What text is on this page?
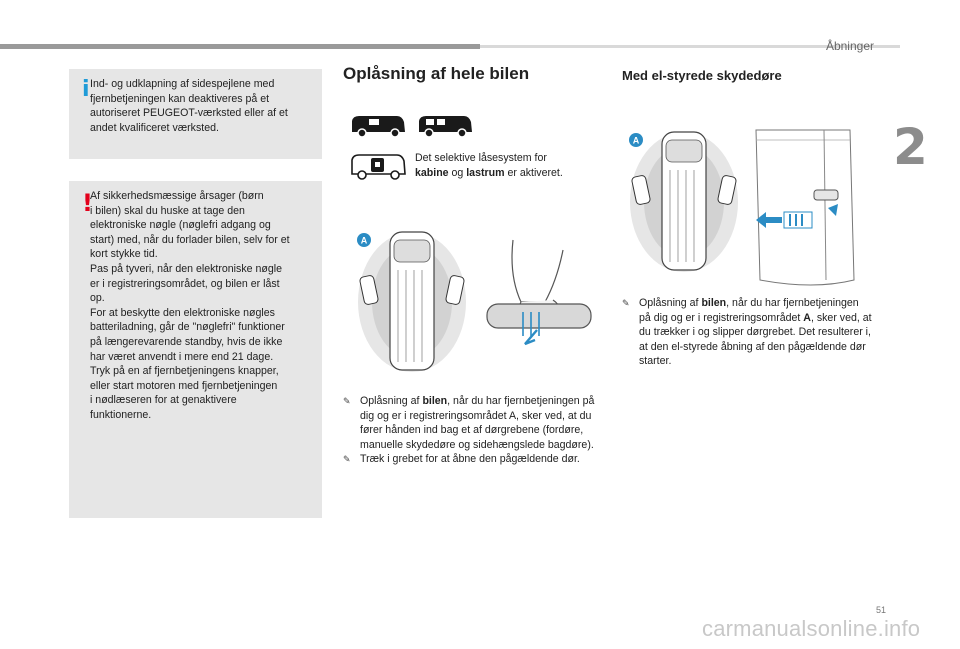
Åbninger
2
i Ind- og udklapning af sidespejlene med
fjernbetjeningen kan deaktiveres på et
autoriseret PEUGEOT-værksted eller af et
andet kvalificeret værksted.
!
Af sikkerhedsmæssige årsager (børn
i bilen) skal du huske at tage den
elektroniske nøgle (nøglefri adgang og
start) med, når du forlader bilen, selv for et
kort stykke tid.
Pas på tyveri, når den elektroniske nøgle
er i registreringsområdet, og bilen er låst
op.
For at beskytte den elektroniske nøgles
batteriladning, går de "nøglefri" funktioner
på længerevarende standby, hvis de ikke
har været anvendt i mere end 21 dage.
Tryk på en af fjernbetjeningens knapper,
eller start motoren med fjernbetjeningen
i nødlæseren for at genaktivere
funktionerne.
Oplåsning af hele bilen
Det selektive låsesystem for
kabine og lastrum er aktiveret.
A
✎ Oplåsning af bilen, når du har fjernbetjeningen på dig og er i registreringsområdet A, sker ved, at du fører hånden ind bag et af dørgrebene (fordøre, manuelle skydedøre og sidehængslede bagdøre).
✎ Træk i grebet for at åbne den pågældende dør.
Med el-styrede skydedøre
A
✎ Oplåsning af bilen, når du har fjernbetjeningen på dig og er i registreringsområdet A, sker ved, at du trækker i og slipper dørgrebet. Det resulterer i, at den el-styrede åbning af den pågældende dør starter.
51
carmanualsonline.info
